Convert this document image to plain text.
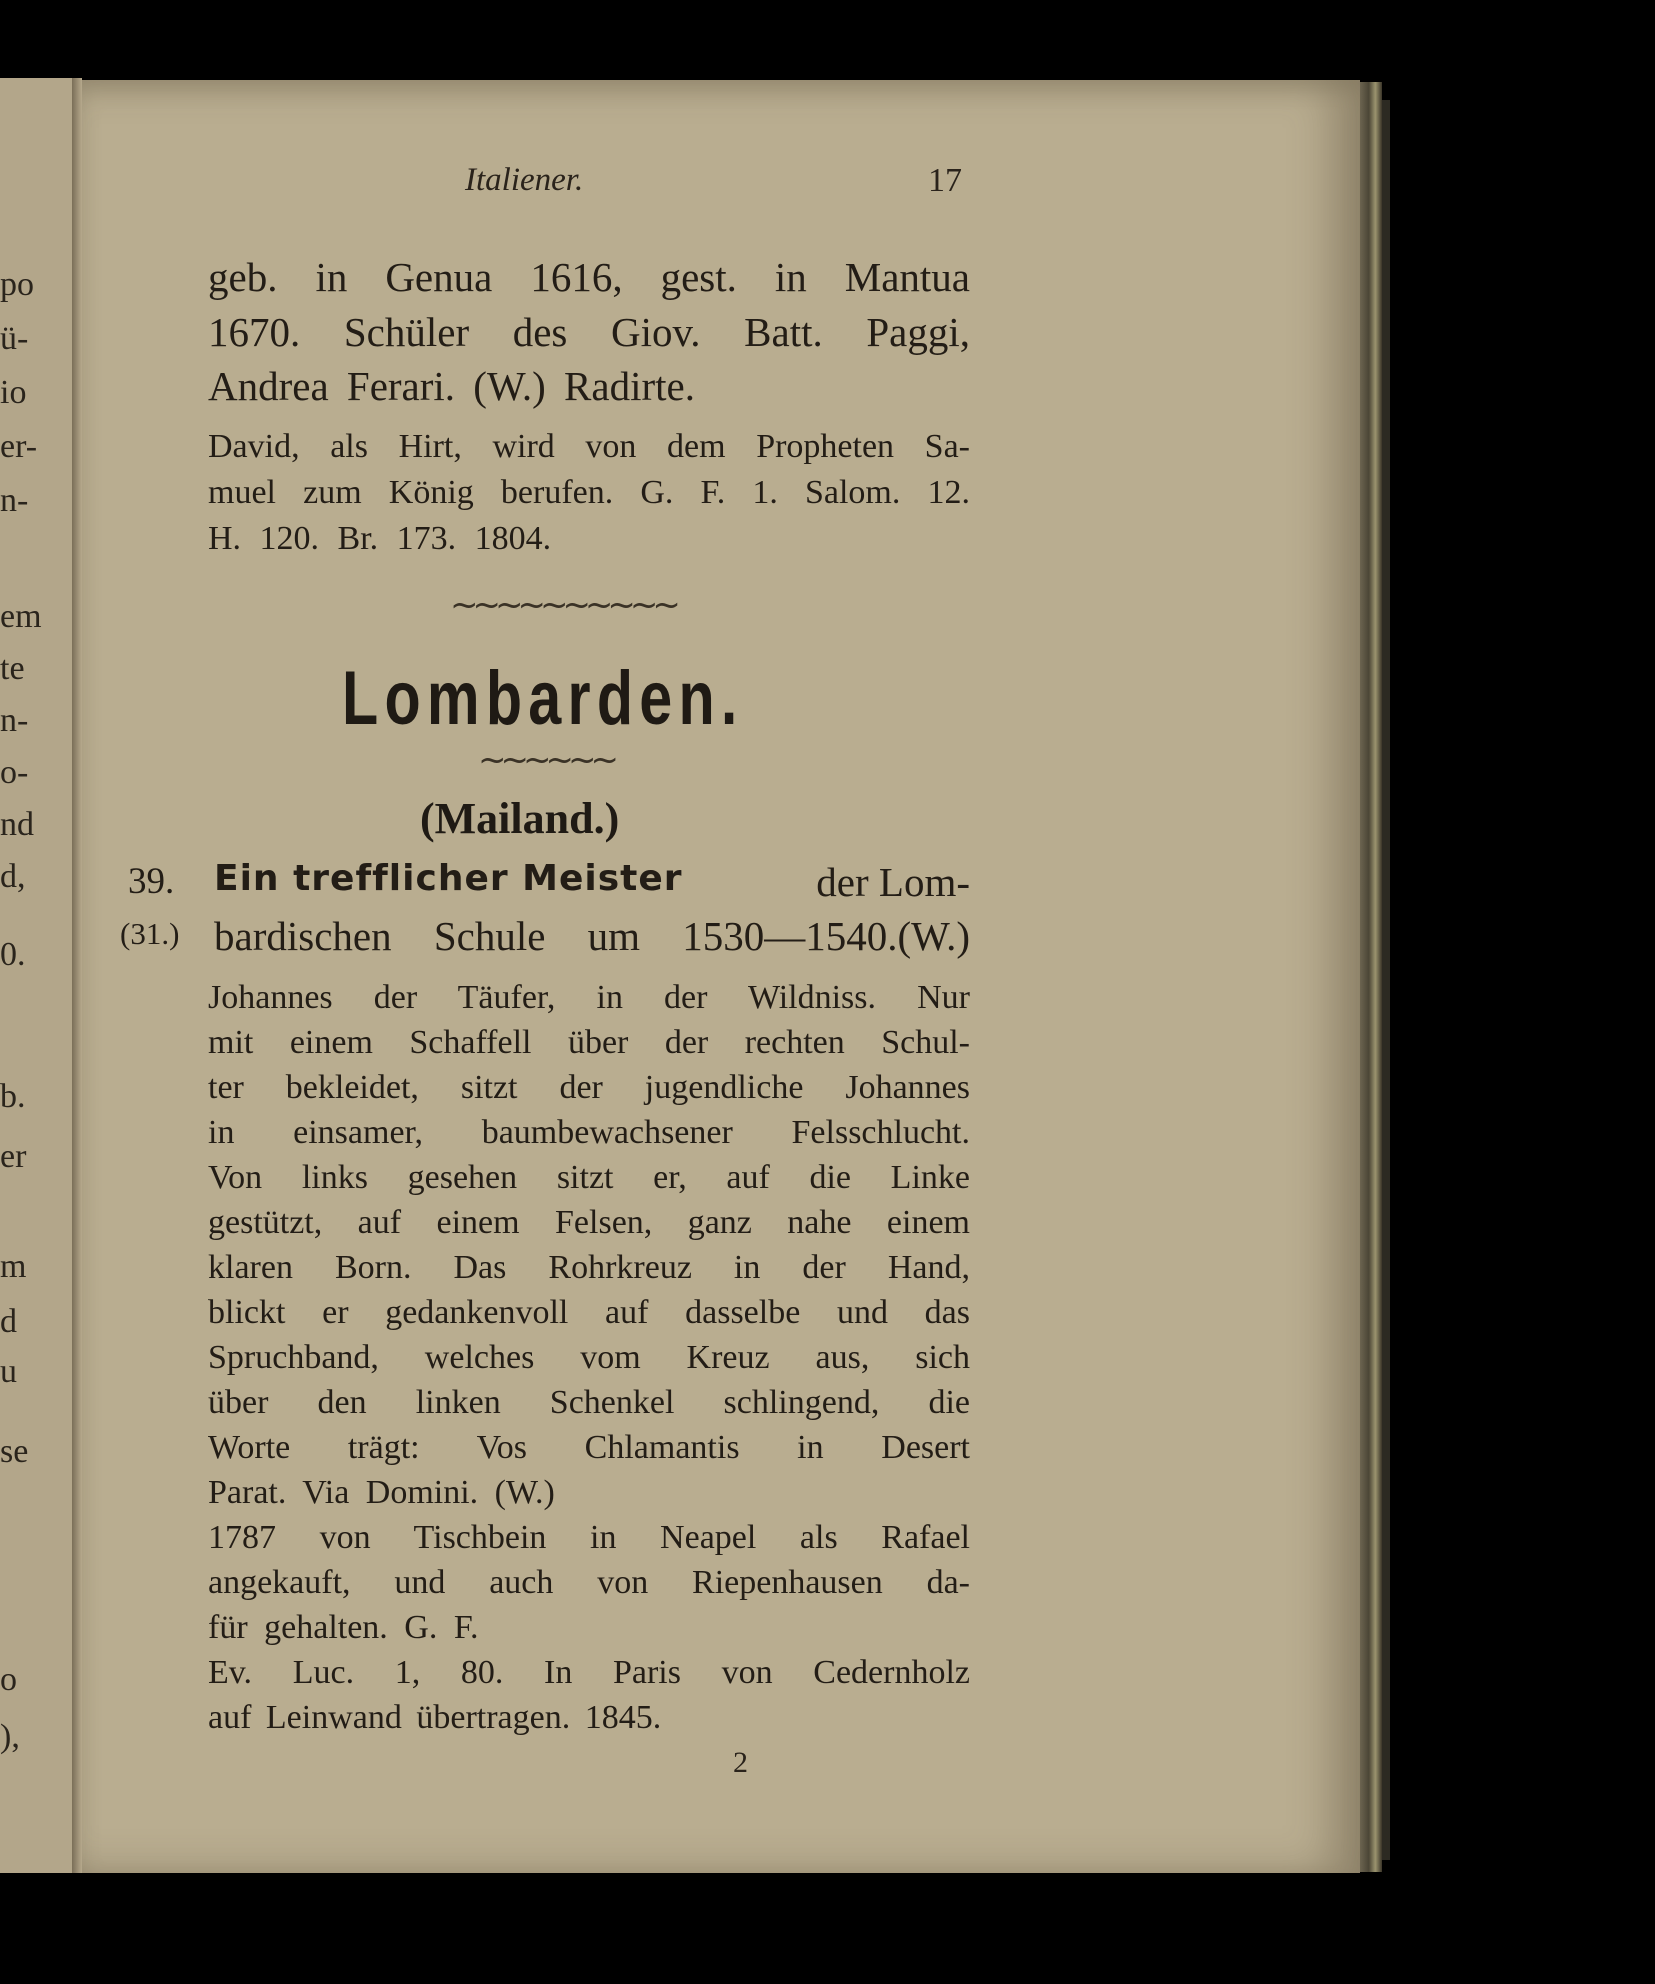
po
ü-
io
er-
n-
em
te
n-
o-
nd
d,
0.
b.
er
m
d
u
se
o
),
Italiener.	17
geb. in Genua 1616, gest. in Mantua
1670. Schüler des Giov. Batt. Paggi,
Andrea Ferari. (W.) Radirte.
David, als Hirt, wird von dem Propheten Sa-
muel zum König berufen. G. F. 1. Salom. 12.
H. 120. Br. 173. 1804.
~~~~~~~~~~
Lombarden.
~~~~~~
(Mailand.)
39.
(31.)
Ein trefflicher Meister	der Lom-
bardischen Schule um 1530—1540.(W.)
Johannes der Täufer, in der Wildniss. Nur
mit einem Schaffell über der rechten Schul-
ter bekleidet, sitzt der jugendliche Johannes
in einsamer, baumbewachsener Felsschlucht.
Von links gesehen sitzt er, auf die Linke
gestützt, auf einem Felsen, ganz nahe einem
klaren Born. Das Rohrkreuz in der Hand,
blickt er gedankenvoll auf dasselbe und das
Spruchband, welches vom Kreuz aus, sich
über den linken Schenkel schlingend, die
Worte trägt: Vos Chlamantis in Desert
Parat. Via Domini. (W.)
1787 von Tischbein in Neapel als Rafael
angekauft, und auch von Riepenhausen da-
für gehalten. G. F.
Ev. Luc. 1, 80. In Paris von Cedernholz
auf Leinwand übertragen. 1845.
2
